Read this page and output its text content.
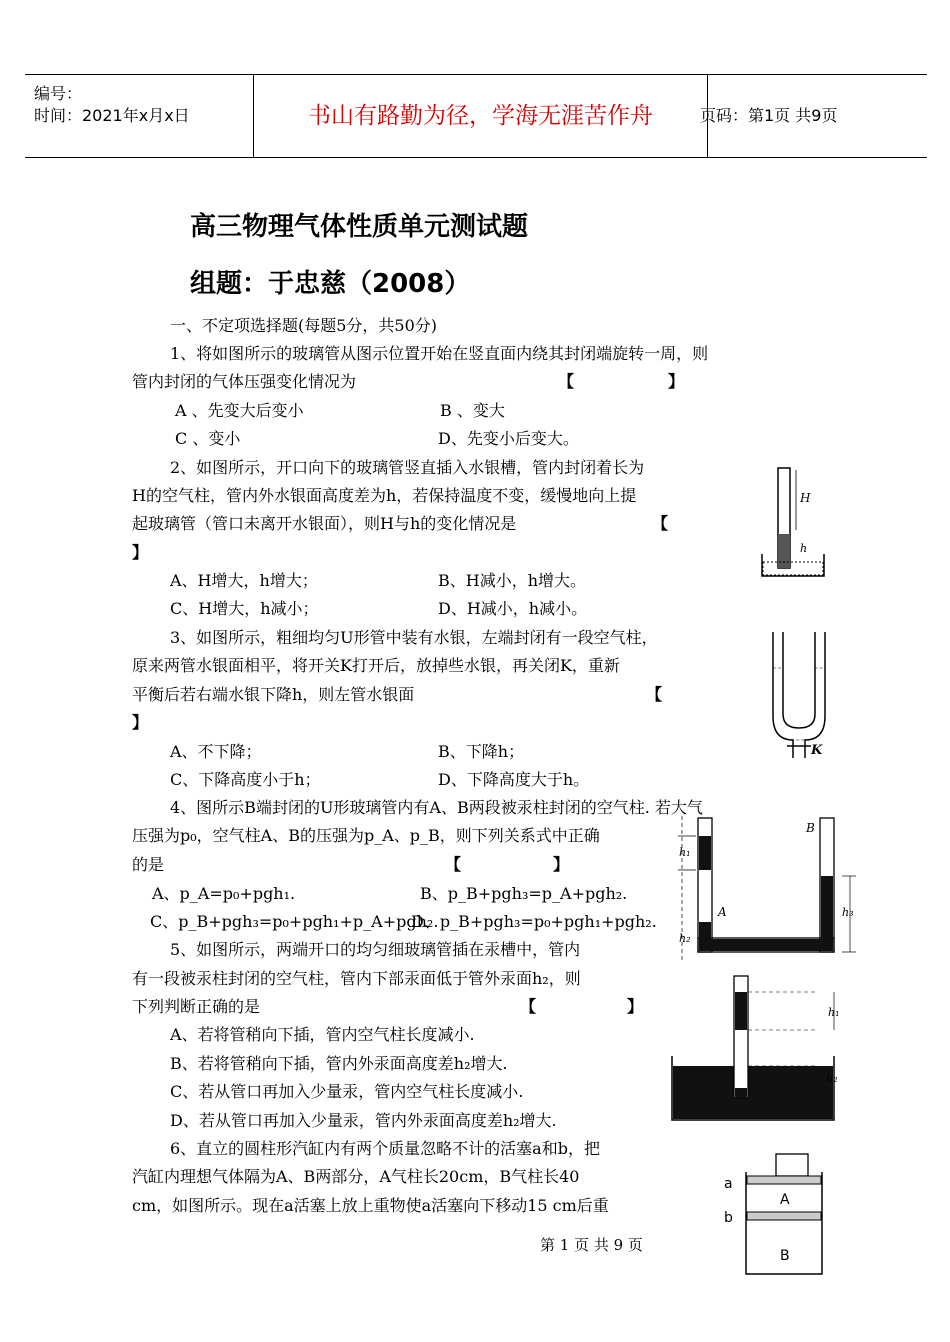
编号：
时间：2021年x月x日	书山有路勤为径，学海无涯苦作舟	页码：第1页 共9页
高三物理气体性质单元测试题
组题：于忠慈（2008）
一、不定项选择题(每题5分，共50分)
1、将如图所示的玻璃管从图示位置开始在竖直面内绕其封闭端旋转一周，则
管内封闭的气体压强变化情况为	【	】
A 、先变大后变小	B 、变大
C 、变小	D、先变小后变大。
2、如图所示，开口向下的玻璃管竖直插入水银槽，管内封闭着长为
H的空气柱，管内外水银面高度差为h，若保持温度不变，缓慢地向上提
起玻璃管（管口未离开水银面），则H与h的变化情况是	【
】
A、H增大，h增大；	B、H减小，h增大。
C、H增大，h减小；	D、H减小，h减小。
H
h
3、如图所示，粗细均匀U形管中装有水银，左端封闭有一段空气柱，
原来两管水银面相平，将开关K打开后，放掉些水银，再关闭K，重新
平衡后若右端水银下降h，则左管水银面	【
】
A、不下降；	B、下降h；
C、下降高度小于h；	D、下降高度大于h。
K
4、图所示B端封闭的U形玻璃管内有A、B两段被汞柱封闭的空气柱. 若大气
压强为p₀，空气柱A、B的压强为p_A、p_B，则下列关系式中正确
的是	【	】
A、p_A=p₀+pgh₁.	B、p_B+pgh₃=p_A+pgh₂.
C、p_B+pgh₃=p₀+pgh₁+p_A+pgh₂.
D、p_B+pgh₃=p₀+pgh₁+pgh₂.
h₁
h₂
h₃
A
B
5、如图所示，两端开口的均匀细玻璃管插在汞槽中，管内
有一段被汞柱封闭的空气柱，管内下部汞面低于管外汞面h₂，则
下列判断正确的是	【	】
A、若将管稍向下插，管内空气柱长度减小.
B、若将管稍向下插，管内外汞面高度差h₂增大.
C、若从管口再加入少量汞，管内空气柱长度减小.
D、若从管口再加入少量汞，管内外汞面高度差h₂增大.
h₁
h₂
6、直立的圆柱形汽缸内有两个质量忽略不计的活塞a和b，把
汽缸内理想气体隔为A、B两部分，A气柱长20cm，B气柱长40
cm，如图所示。现在a活塞上放上重物使a活塞向下移动15 cm后重
a
b
A
B
第 1 页 共 9 页
